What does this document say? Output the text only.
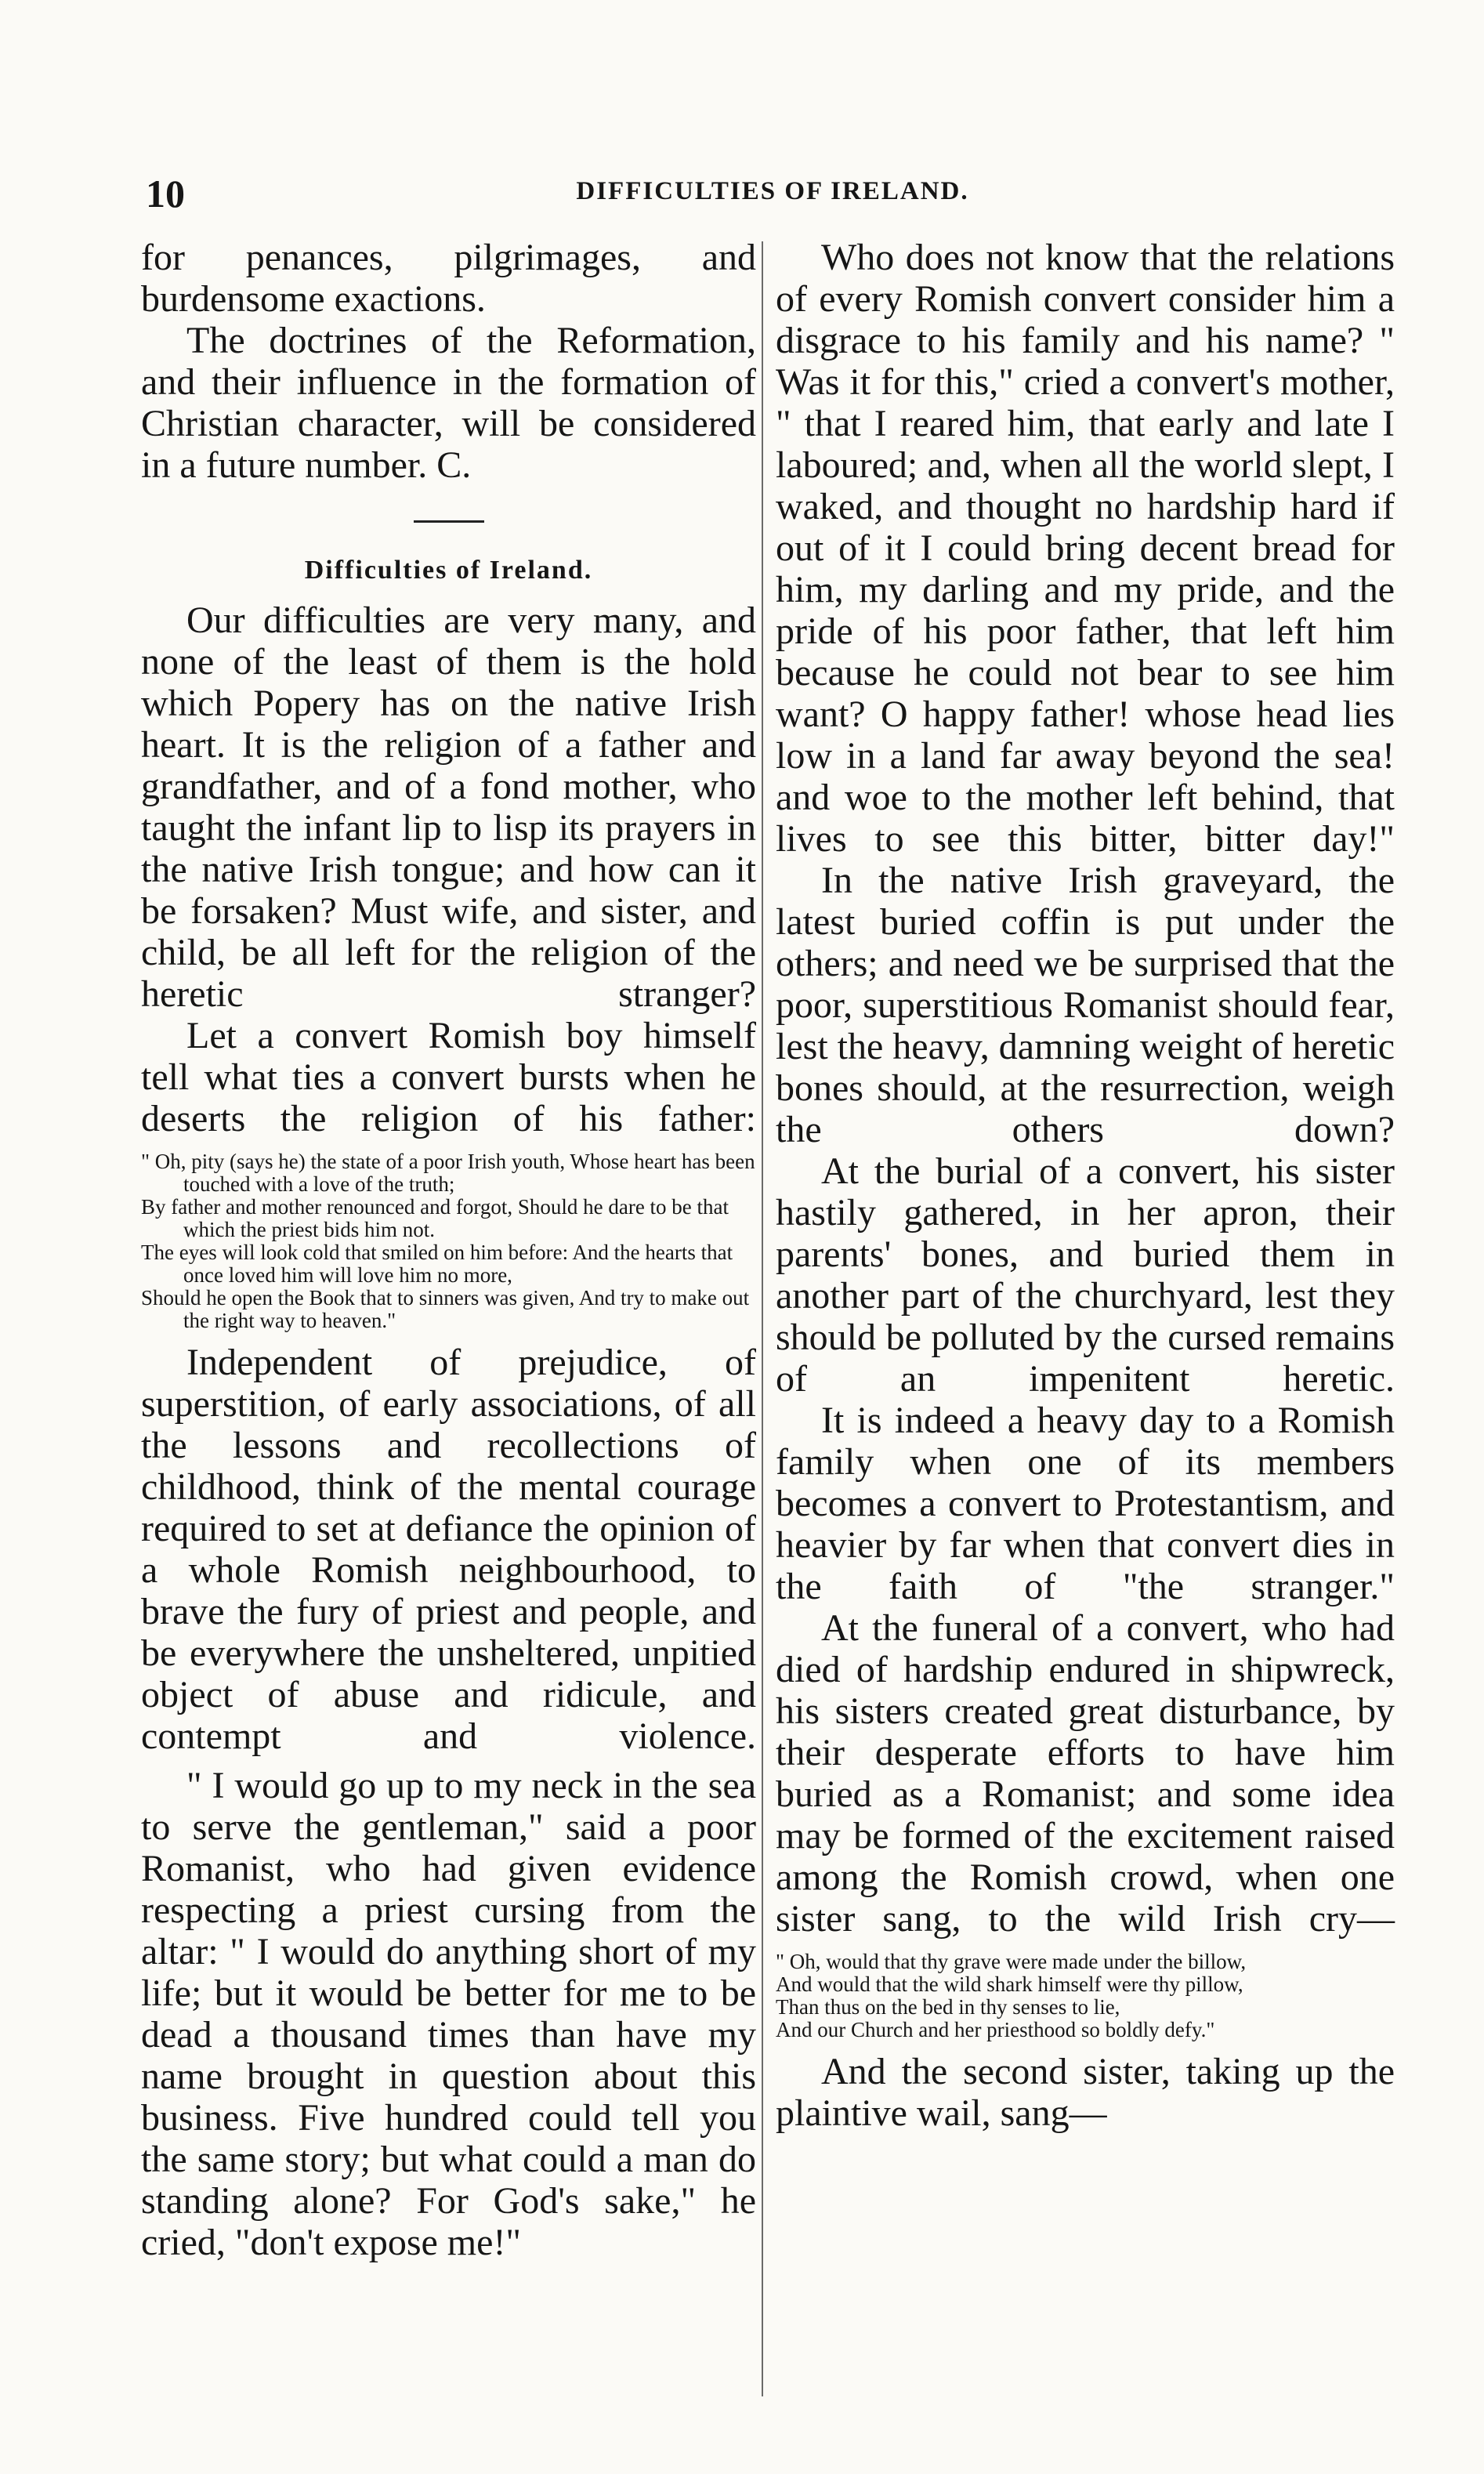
10	DIFFICULTIES OF IRELAND.

for penances, pilgrimages, and burdensome exactions.

The doctrines of the Reformation, and their influence in the formation of Christian character, will be considered in a future number. C.

Difficulties of Ireland.

Our difficulties are very many, and none of the least of them is the hold which Popery has on the native Irish heart. It is the religion of a father and grandfather, and of a fond mother, who taught the infant lip to lisp its prayers in the native Irish tongue; and how can it be forsaken? Must wife, and sister, and child, be all left for the religion of the heretic stranger?

Let a convert Romish boy himself tell what ties a convert bursts when he deserts the religion of his father:

" Oh, pity (says he) the state of a poor Irish youth, Whose heart has been touched with a love of the truth;
By father and mother renounced and forgot, Should he dare to be that which the priest bids him not.
The eyes will look cold that smiled on him before: And the hearts that once loved him will love him no more,
Should he open the Book that to sinners was given, And try to make out the right way to heaven."

Independent of prejudice, of superstition, of early associations, of all the lessons and recollections of childhood, think of the mental courage required to set at defiance the opinion of a whole Romish neighbourhood, to brave the fury of priest and people, and be everywhere the unsheltered, unpitied object of abuse and ridicule, and contempt and violence.

" I would go up to my neck in the sea to serve the gentleman," said a poor Romanist, who had given evidence respecting a priest cursing from the altar: " I would do anything short of my life; but it would be better for me to be dead a thousand times than have my name brought in question about this business. Five hundred could tell you the same story; but what could a man do standing alone? For God's sake," he cried, "don't expose me!"

Who does not know that the relations of every Romish convert consider him a disgrace to his family and his name? " Was it for this," cried a convert's mother, " that I reared him, that early and late I laboured; and, when all the world slept, I waked, and thought no hardship hard if out of it I could bring decent bread for him, my darling and my pride, and the pride of his poor father, that left him because he could not bear to see him want? O happy father! whose head lies low in a land far away beyond the sea! and woe to the mother left behind, that lives to see this bitter, bitter day!"

In the native Irish graveyard, the latest buried coffin is put under the others; and need we be surprised that the poor, superstitious Romanist should fear, lest the heavy, damning weight of heretic bones should, at the resurrection, weigh the others down?

At the burial of a convert, his sister hastily gathered, in her apron, their parents' bones, and buried them in another part of the churchyard, lest they should be polluted by the cursed remains of an impenitent heretic.

It is indeed a heavy day to a Romish family when one of its members becomes a convert to Protestantism, and heavier by far when that convert dies in the faith of "the stranger."

At the funeral of a convert, who had died of hardship endured in shipwreck, his sisters created great disturbance, by their desperate efforts to have him buried as a Romanist; and some idea may be formed of the excitement raised among the Romish crowd, when one sister sang, to the wild Irish cry—

" Oh, would that thy grave were made under the billow,
And would that the wild shark himself were thy pillow,
Than thus on the bed in thy senses to lie,
And our Church and her priesthood so boldly defy."

And the second sister, taking up the plaintive wail, sang—
